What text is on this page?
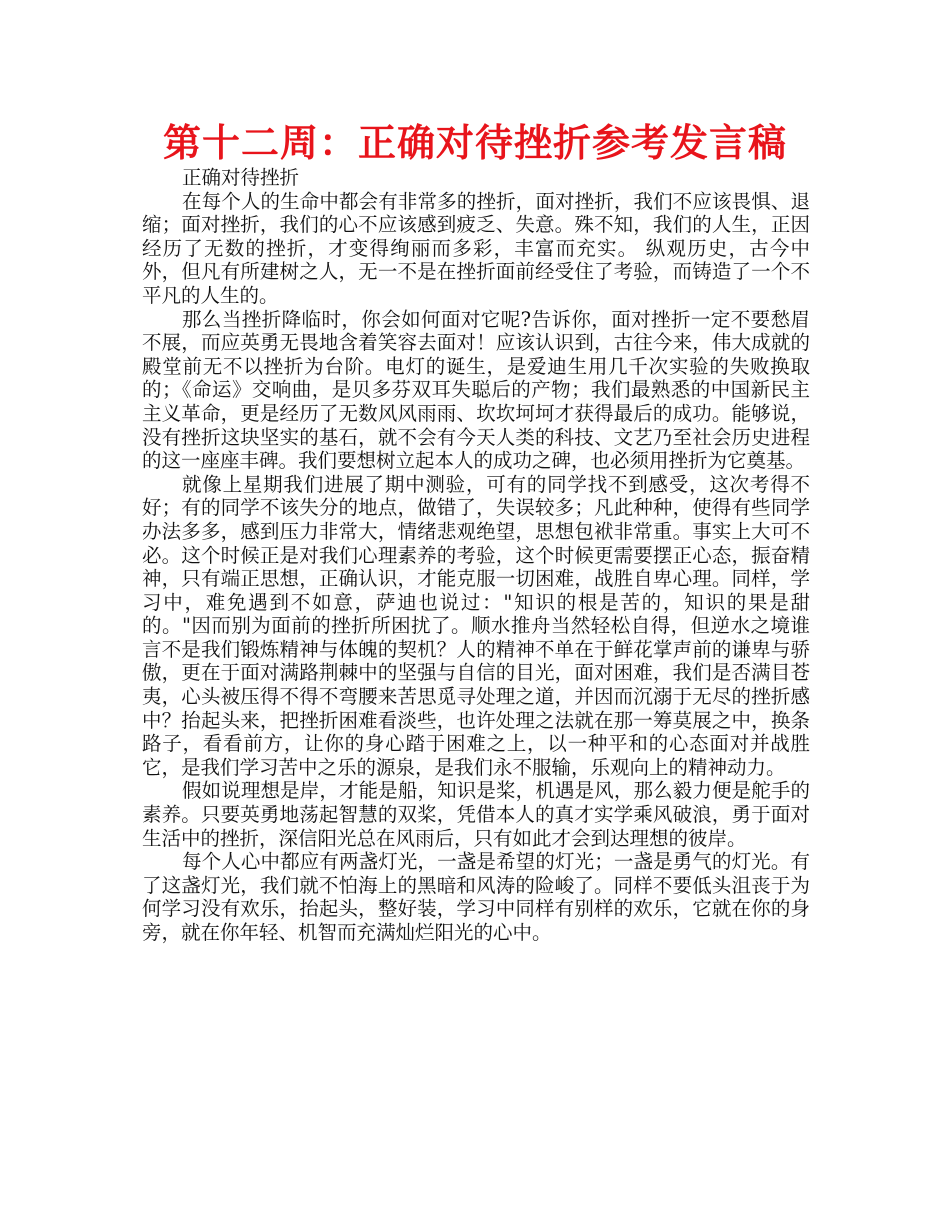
第十二周：正确对待挫折参考发言稿

正确对待挫折

在每个人的生命中都会有非常多的挫折，面对挫折，我们不应该畏惧、退缩；面对挫折，我们的心不应该感到疲乏、失意。殊不知，我们的人生，正因经历了无数的挫折，才变得绚丽而多彩，丰富而充实。 纵观历史，古今中外，但凡有所建树之人，无一不是在挫折面前经受住了考验，而铸造了一个不平凡的人生的。

那么当挫折降临时，你会如何面对它呢?告诉你，面对挫折一定不要愁眉不展，而应英勇无畏地含着笑容去面对！应该认识到，古往今来，伟大成就的殿堂前无不以挫折为台阶。电灯的诞生，是爱迪生用几千次实验的失败换取的；《命运》交响曲，是贝多芬双耳失聪后的产物；我们最熟悉的中国新民主主义革命，更是经历了无数风风雨雨、坎坎坷坷才获得最后的成功。能够说，没有挫折这块坚实的基石，就不会有今天人类的科技、文艺乃至社会历史进程的这一座座丰碑。我们要想树立起本人的成功之碑，也必须用挫折为它奠基。

就像上星期我们进展了期中测验，可有的同学找不到感受，这次考得不好；有的同学不该失分的地点，做错了，失误较多；凡此种种，使得有些同学办法多多，感到压力非常大，情绪悲观绝望，思想包袱非常重。事实上大可不必。这个时候正是对我们心理素养的考验，这个时候更需要摆正心态，振奋精神，只有端正思想，正确认识，才能克服一切困难，战胜自卑心理。同样，学习中，难免遇到不如意，萨迪也说过："知识的根是苦的，知识的果是甜的。"因而别为面前的挫折所困扰了。顺水推舟当然轻松自得，但逆水之境谁言不是我们锻炼精神与体魄的契机？人的精神不单在于鲜花掌声前的谦卑与骄傲，更在于面对满路荆棘中的坚强与自信的目光，面对困难，我们是否满目苍夷，心头被压得不得不弯腰来苦思觅寻处理之道，并因而沉溺于无尽的挫折感中？抬起头来，把挫折困难看淡些，也许处理之法就在那一筹莫展之中，换条路子，看看前方，让你的身心踏于困难之上，以一种平和的心态面对并战胜它，是我们学习苦中之乐的源泉，是我们永不服输，乐观向上的精神动力。

假如说理想是岸，才能是船，知识是桨，机遇是风，那么毅力便是舵手的素养。只要英勇地荡起智慧的双桨，凭借本人的真才实学乘风破浪，勇于面对生活中的挫折，深信阳光总在风雨后，只有如此才会到达理想的彼岸。

每个人心中都应有两盏灯光，一盏是希望的灯光；一盏是勇气的灯光。有了这盏灯光，我们就不怕海上的黑暗和风涛的险峻了。同样不要低头沮丧于为何学习没有欢乐，抬起头，整好装，学习中同样有别样的欢乐，它就在你的身旁，就在你年轻、机智而充满灿烂阳光的心中。
